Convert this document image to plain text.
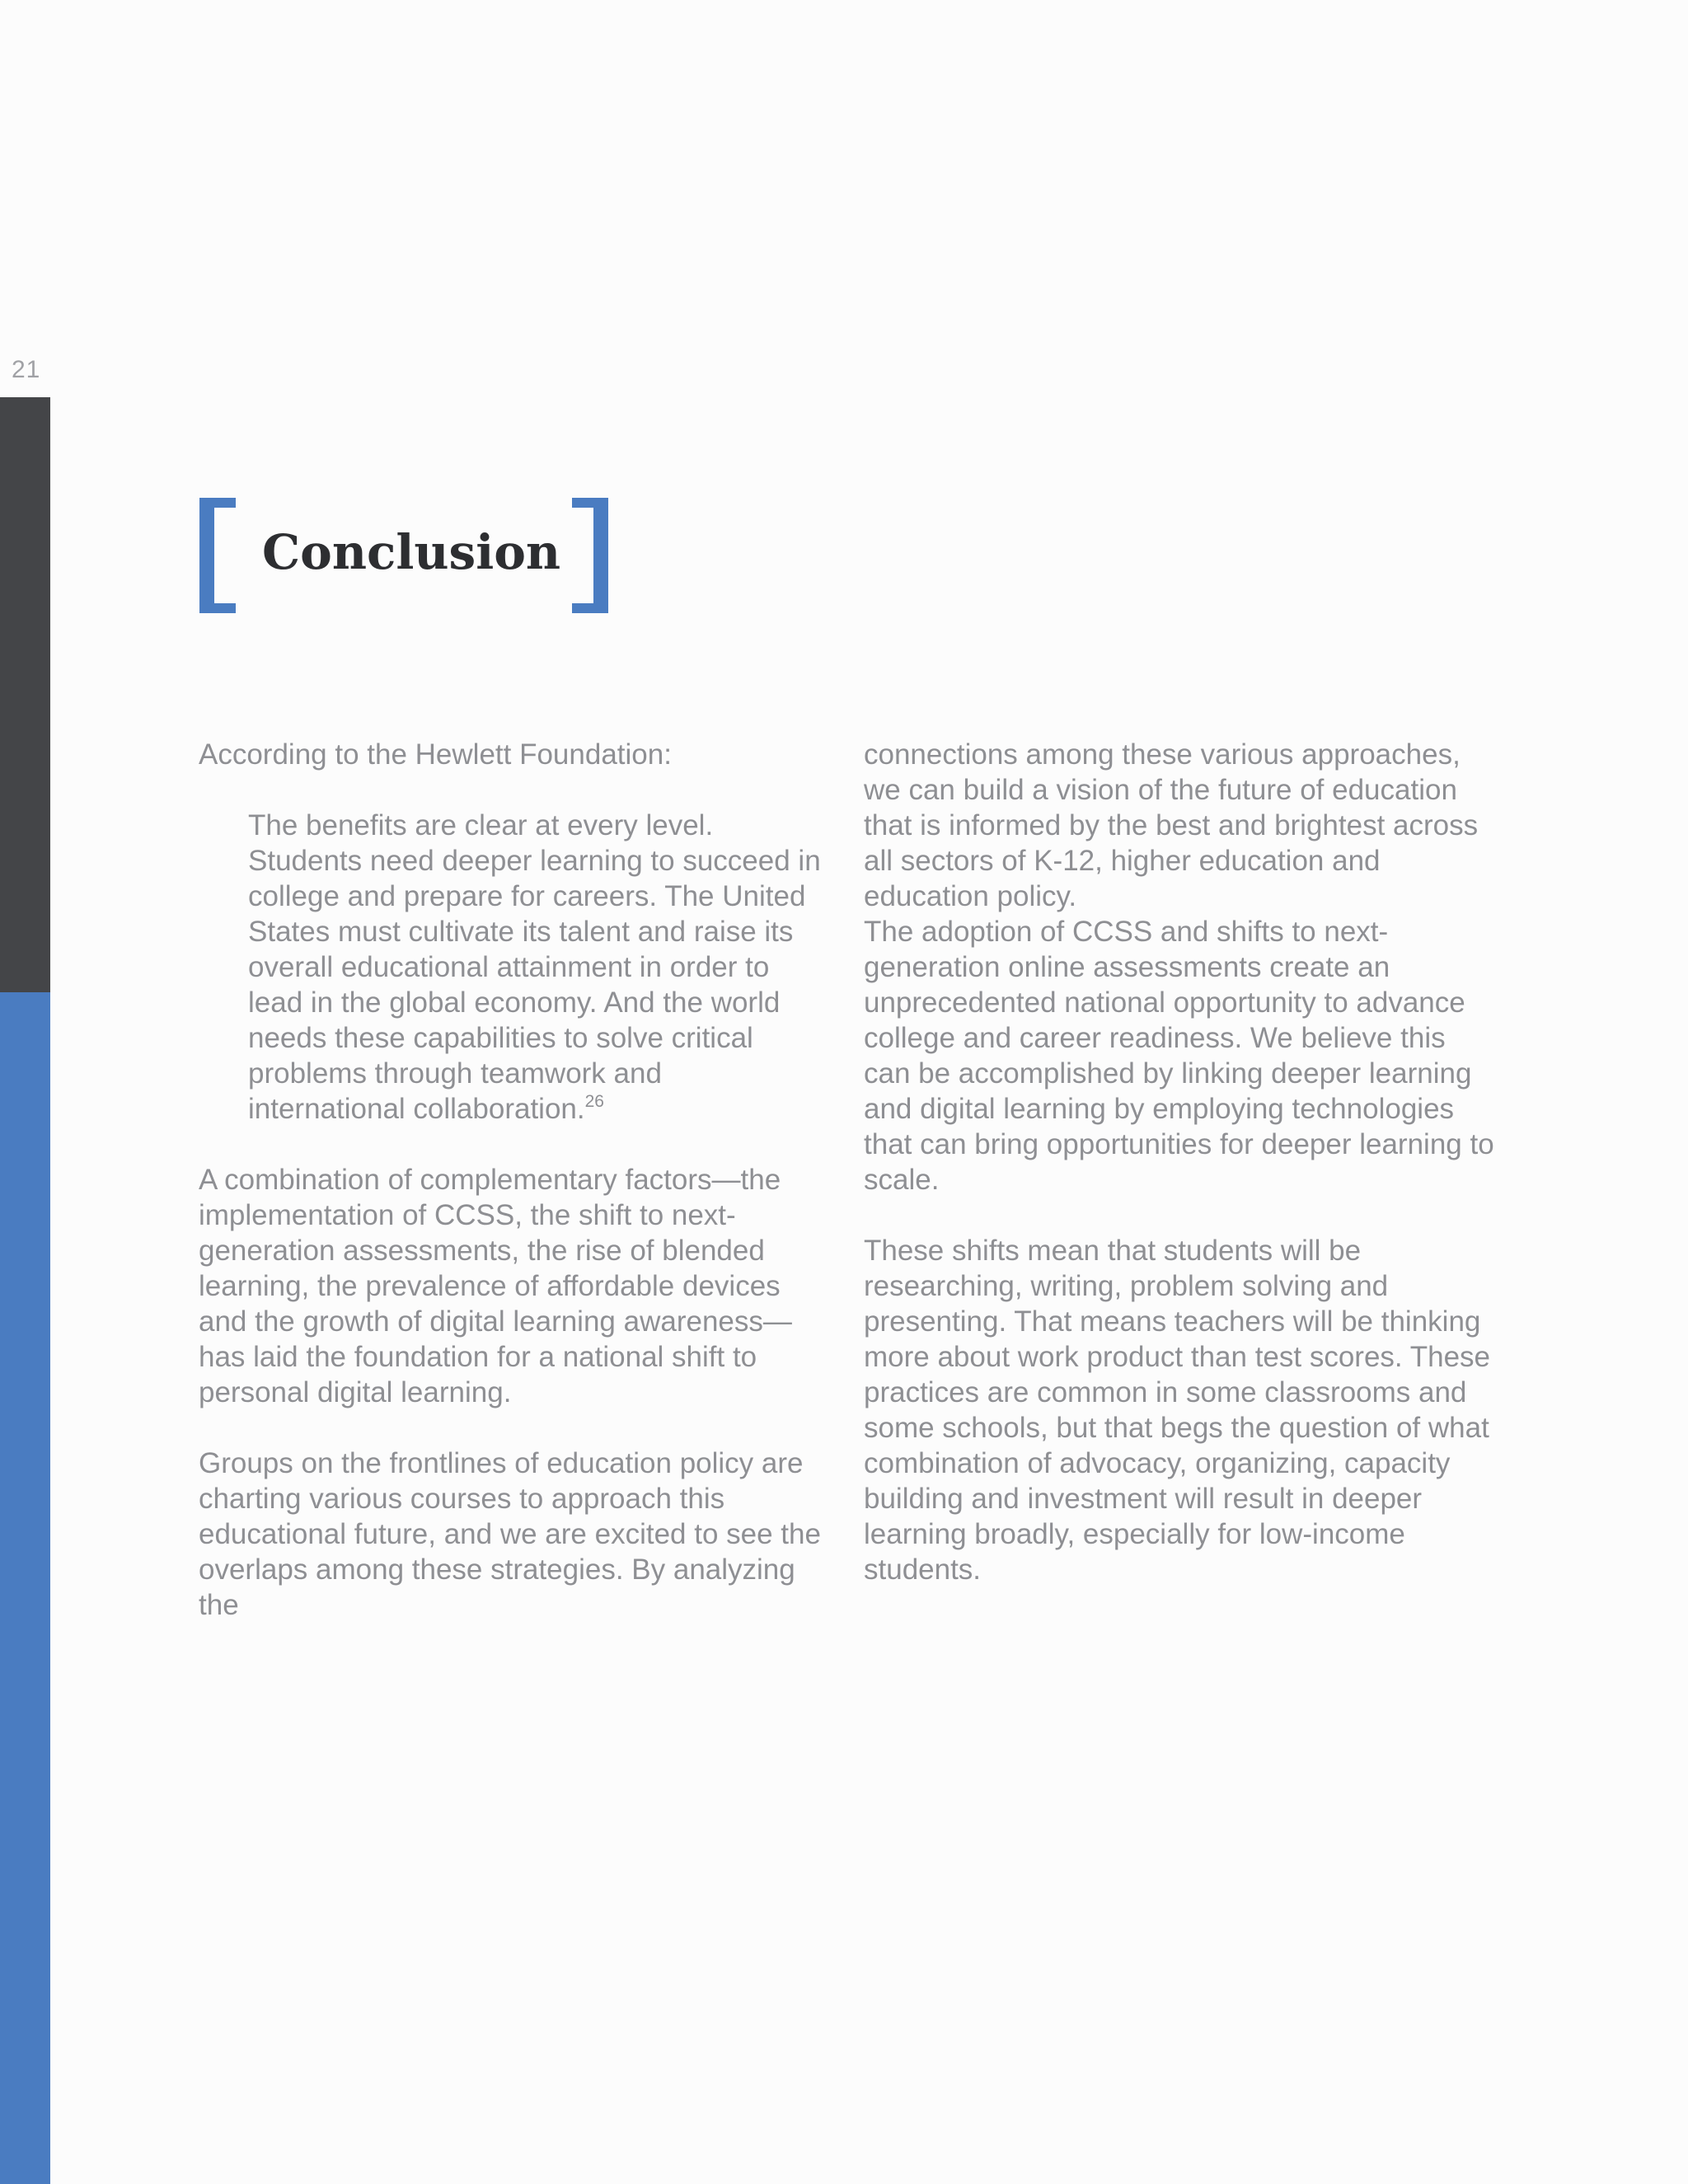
21
Conclusion

According to the Hewlett Foundation:

The benefits are clear at every level. Students need deeper learning to succeed in college and prepare for careers. The United States must cultivate its talent and raise its overall educational attainment in order to lead in the global economy. And the world needs these capabilities to solve critical problems through teamwork and international collaboration.$^{26}$

A combination of complementary factors—the implementation of CCSS, the shift to next-generation assessments, the rise of blended learning, the prevalence of affordable devices and the growth of digital learning awareness—has laid the foundation for a national shift to personal digital learning.

Groups on the frontlines of education policy are charting various courses to approach this educational future, and we are excited to see the overlaps among these strategies. By analyzing the

connections among these various approaches, we can build a vision of the future of education that is informed by the best and brightest across all sectors of K-12, higher education and education policy.

The adoption of CCSS and shifts to next-generation online assessments create an unprecedented national opportunity to advance college and career readiness. We believe this can be accomplished by linking deeper learning and digital learning by employing technologies that can bring opportunities for deeper learning to scale.

These shifts mean that students will be researching, writing, problem solving and presenting. That means teachers will be thinking more about work product than test scores. These practices are common in some classrooms and some schools, but that begs the question of what combination of advocacy, organizing, capacity building and investment will result in deeper learning broadly, especially for low-income students.
